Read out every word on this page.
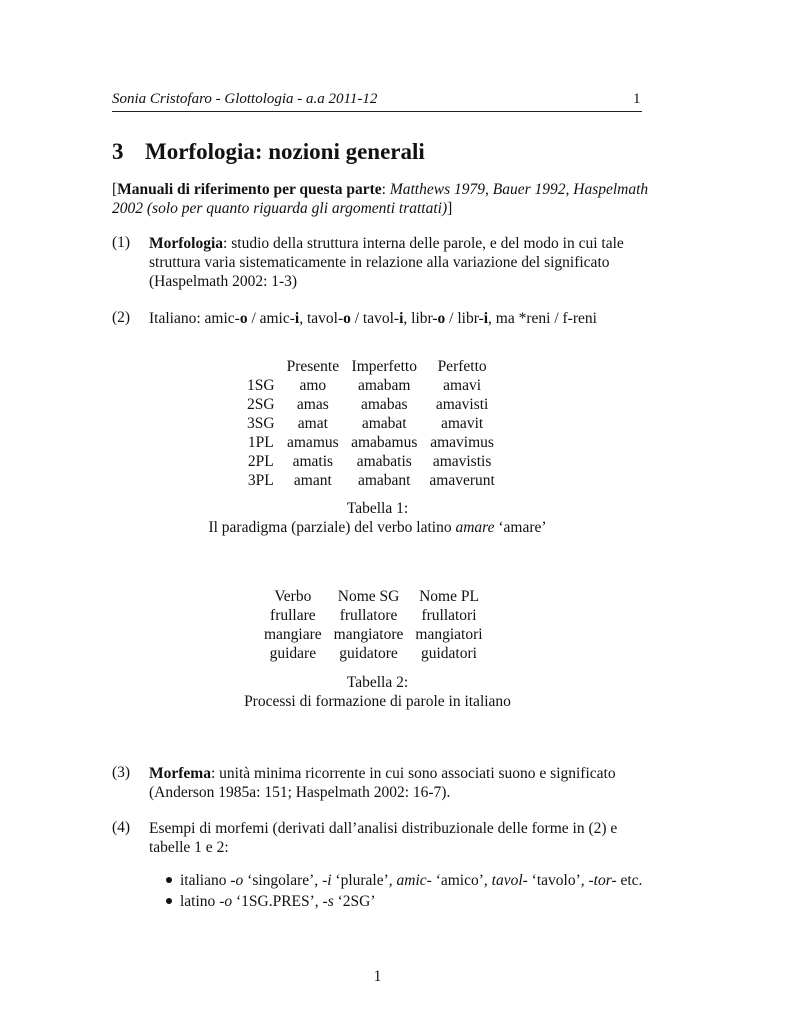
Sonia Cristofaro - Glottologia - a.a 2011-12	1
3 Morfologia: nozioni generali
[Manuali di riferimento per questa parte: Matthews 1979, Bauer 1992, Haspelmath
2002 (solo per quanto riguarda gli argomenti trattati)]
(1) Morfologia: studio della struttura interna delle parole, e del modo in cui tale
struttura varia sistematicamente in relazione alla variazione del significato
(Haspelmath 2002: 1-3)
(2) Italiano: amic-o / amic-i, tavol-o / tavol-i, libr-o / libr-i, ma *reni / f-reni
	Presente	Imperfetto	Perfetto
1SG	amo	amabam	amavi
2SG	amas	amabas	amavisti
3SG	amat	amabat	amavit
1PL	amamus	amabamus	amavimus
2PL	amatis	amabatis	amavistis
3PL	amant	amabant	amaverunt
Tabella 1:
Il paradigma (parziale) del verbo latino amare ‘amare’
Verbo	Nome SG	Nome PL
frullare	frullatore	frullatori
mangiare	mangiatore	mangiatori
guidare	guidatore	guidatori
Tabella 2:
Processi di formazione di parole in italiano
(3) Morfema: unità minima ricorrente in cui sono associati suono e significato
(Anderson 1985a: 151; Haspelmath 2002: 16-7).
(4) Esempi di morfemi (derivati dall’analisi distribuzionale delle forme in (2) e
tabelle 1 e 2:
italiano -o ‘singolare’, -i ‘plurale’, amic- ‘amico’, tavol- ‘tavolo’, -tor- etc.
latino -o ‘1SG.PRES’, -s ‘2SG’
1
